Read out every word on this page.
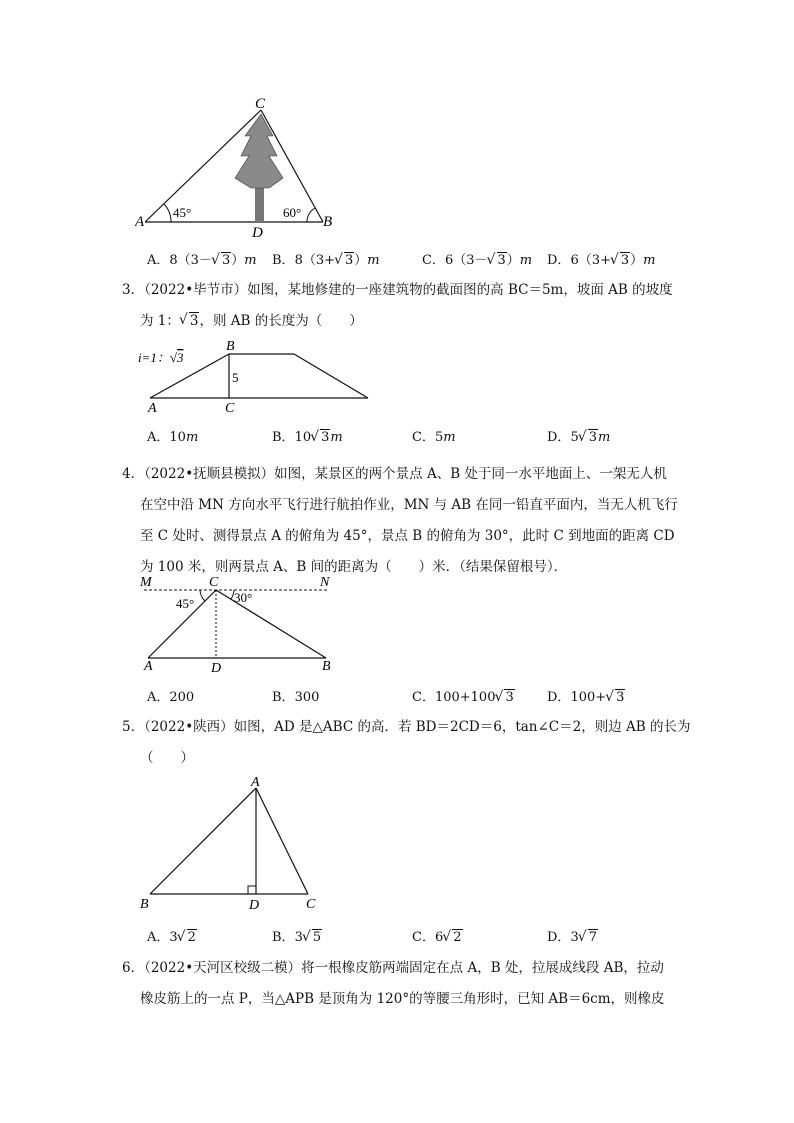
C
A	B
D
45°	60°
A．8（3－ √ 3）m B．8（3+ √ 3）m	C．6（3－ √ 3）m D．6（3+ √ 3）m
3．（2022•毕节市）如图，某地修建的一座建筑物的截面图的高 BC＝5m，坡面 AB 的坡度
为 1： √ 3，则 AB 的长度为（　　）
i=1：√3
B
5
A	C
A．10m	B．10 √ 3m	C．5m	D．5 √ 3m
4．（2022•抚顺县模拟）如图，某景区的两个景点 A、B 处于同一水平地面上、一架无人机
在空中沿 MN 方向水平飞行进行航拍作业，MN 与 AB 在同一铅直平面内，当无人机飞行
至 C 处时、测得景点 A 的俯角为 45°，景点 B 的俯角为 30°，此时 C 到地面的距离 CD
为 100 米，则两景点 A、B 间的距离为（　　）米．（结果保留根号）．
M	C	N
45°	30°
A	D	B
A．200	B．300	C．100+100 √ 3	D．100+ √ 3
5．（2022•陕西）如图，AD 是△ABC 的高．若 BD＝2CD＝6，tan∠C＝2，则边 AB 的长为
（　　）
A
B	D	C
A．3 √ 2	B．3 √ 5	C．6 √ 2	D．3 √ 7
6．（2022•天河区校级二模）将一根橡皮筋两端固定在点 A，B 处，拉展成线段 AB，拉动
橡皮筋上的一点 P，当△APB 是顶角为 120°的等腰三角形时，已知 AB＝6cm，则橡皮
